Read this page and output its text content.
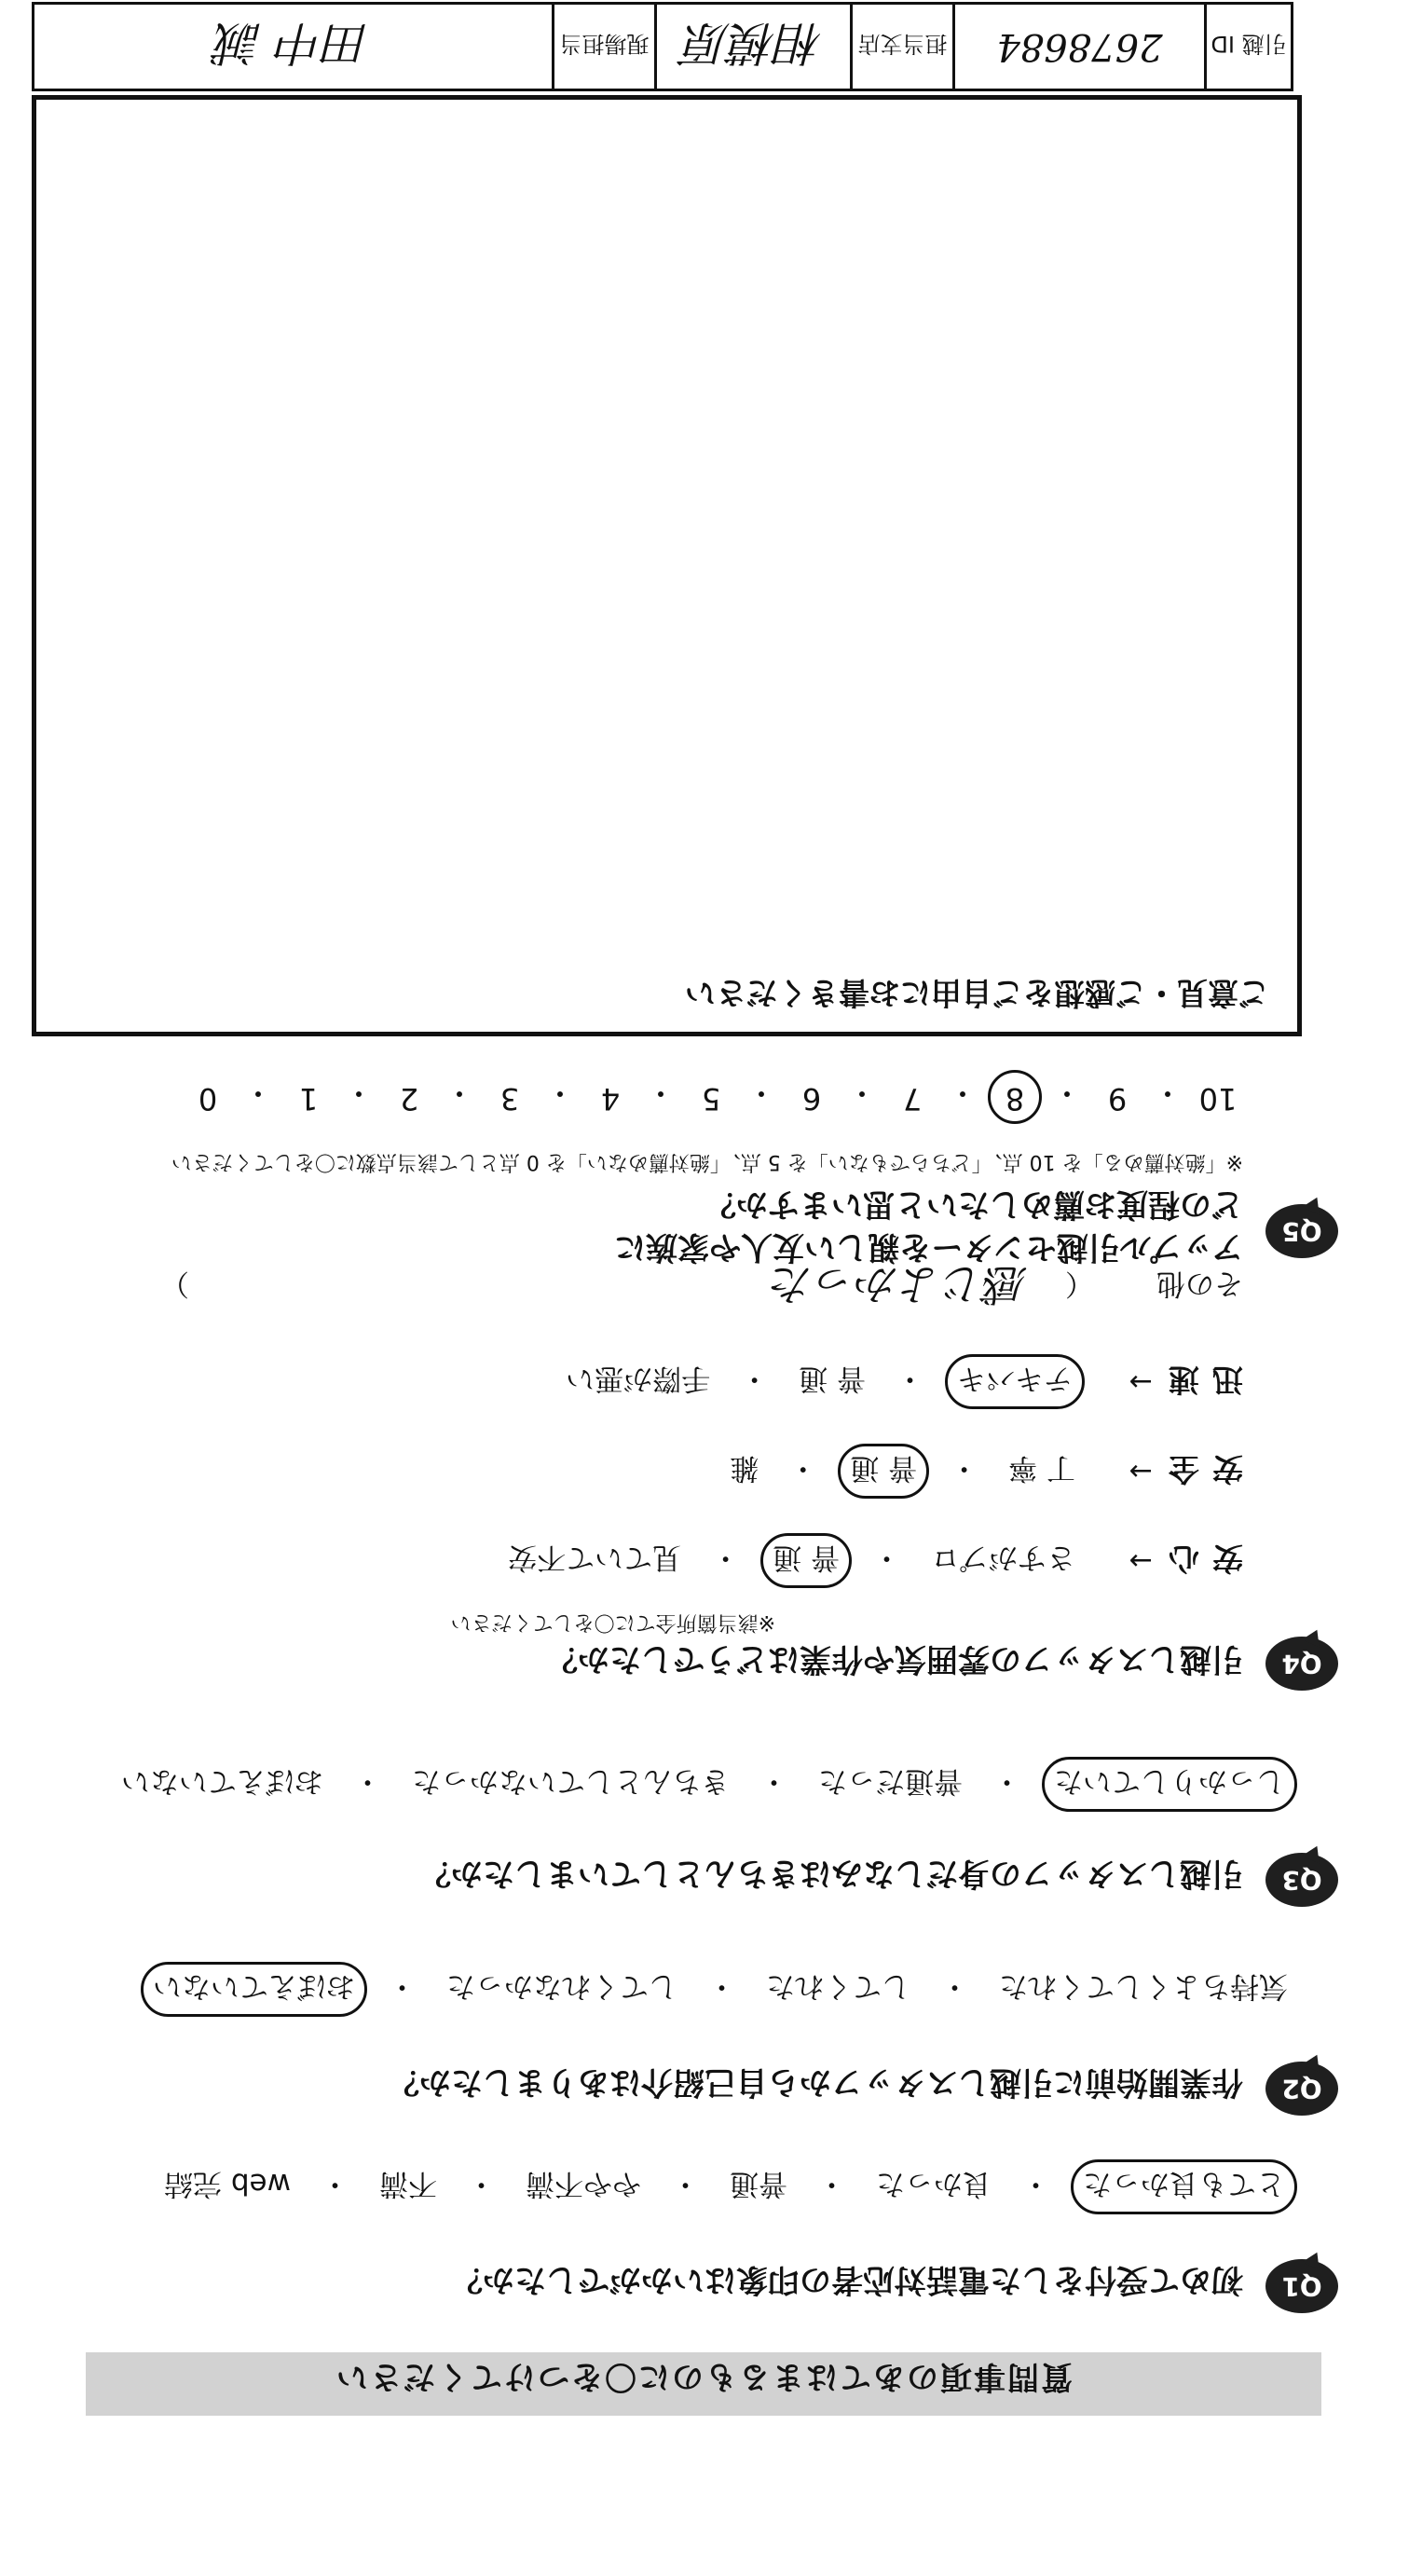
質問事項のあてはまるものに〇をつけてください
Q1
初めて受付をした電話対応者の印象はいかがでしたか？
とても良かった
・
良かった
・
普通
・
やや不満
・
不満
・
web 完結
Q2
作業開始前に引越しスタッフから自己紹介はありましたか？
気持ちよくしてくれた
・
してくれた
・
してくれなかった
・
おぼえていない
Q3
引越しスタッフの身だしなみはきちんとしていましたか？
しっかりしていた
・
普通だった
・
きちんとしていなかった
・
おぼえていない
Q4
引越しスタッフの雰囲気や作業はどうでしたか？
※該当箇所全てに〇をしてください
安心
→
さすがプロ
・
普 通
・
見ていて不安
安全
→
丁 寧
・
普 通
・
雑
迅速
→
テキパキ
・
普 通
・
手際が悪い
その他
（
感じよかった
）
Q5
アップル引越センターを親しい友人や家族に
どの程度お薦めしたいと思いますか？
※「絶対薦める」を 10 点、「どちらでもない」を 5 点、「絶対薦めない」を 0 点として該当点数に〇をしてください
10
・
9
・
8
・
7
・
6
・
5
・
4
・
3
・
2
・
1
・
0
ご意見・ご感想をご自由にお書きください
引越 ID
2678684
担当支店
相模原
現場担当
田中 誠
